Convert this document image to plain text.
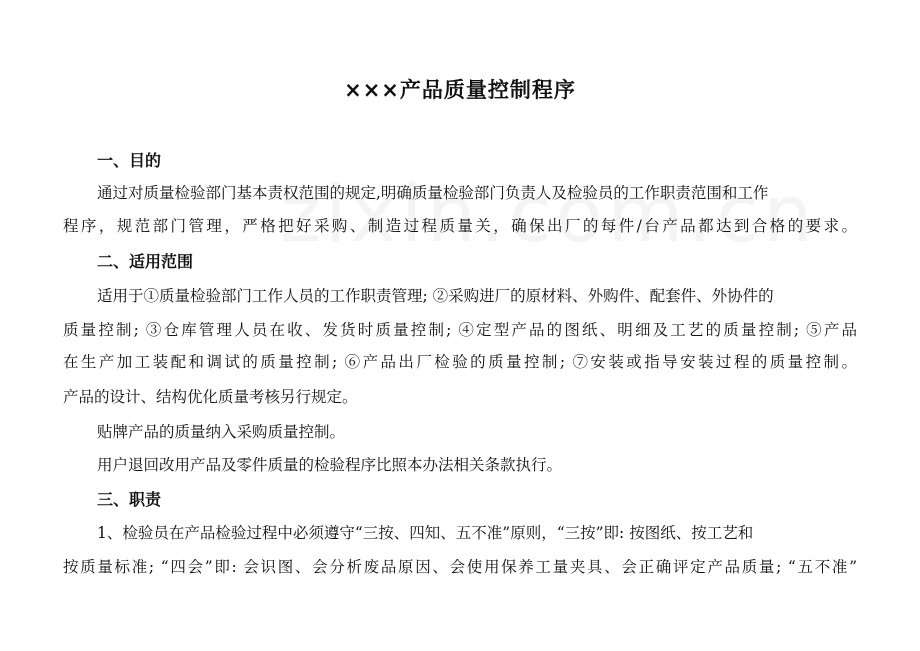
×××产品质量控制程序
一、目的
通过对质量检验部门基本责权范围的规定,明确质量检验部门负责人及检验员的工作职责范围和工作
程序，规范部门管理，严格把好采购、制造过程质量关，确保出厂的每件/台产品都达到合格的要求。
二、适用范围
适用于①质量检验部门工作人员的工作职责管理; ②采购进厂的原材料、外购件、配套件、外协件的
质量控制; ③仓库管理人员在收、发货时质量控制; ④定型产品的图纸、明细及工艺的质量控制; ⑤产品
在生产加工装配和调试的质量控制; ⑥产品出厂检验的质量控制; ⑦安装或指导安装过程的质量控制。
产品的设计、结构优化质量考核另行规定。
贴牌产品的质量纳入采购质量控制。
用户退回改用产品及零件质量的检验程序比照本办法相关条款执行。
三、职责
1、检验员在产品检验过程中必须遵守“三按、四知、五不准”原则，“三按”即: 按图纸、按工艺和
按质量标准; “四会”即: 会识图、会分析废品原因、会使用保养工量夹具、会正确评定产品质量; “五不准”
